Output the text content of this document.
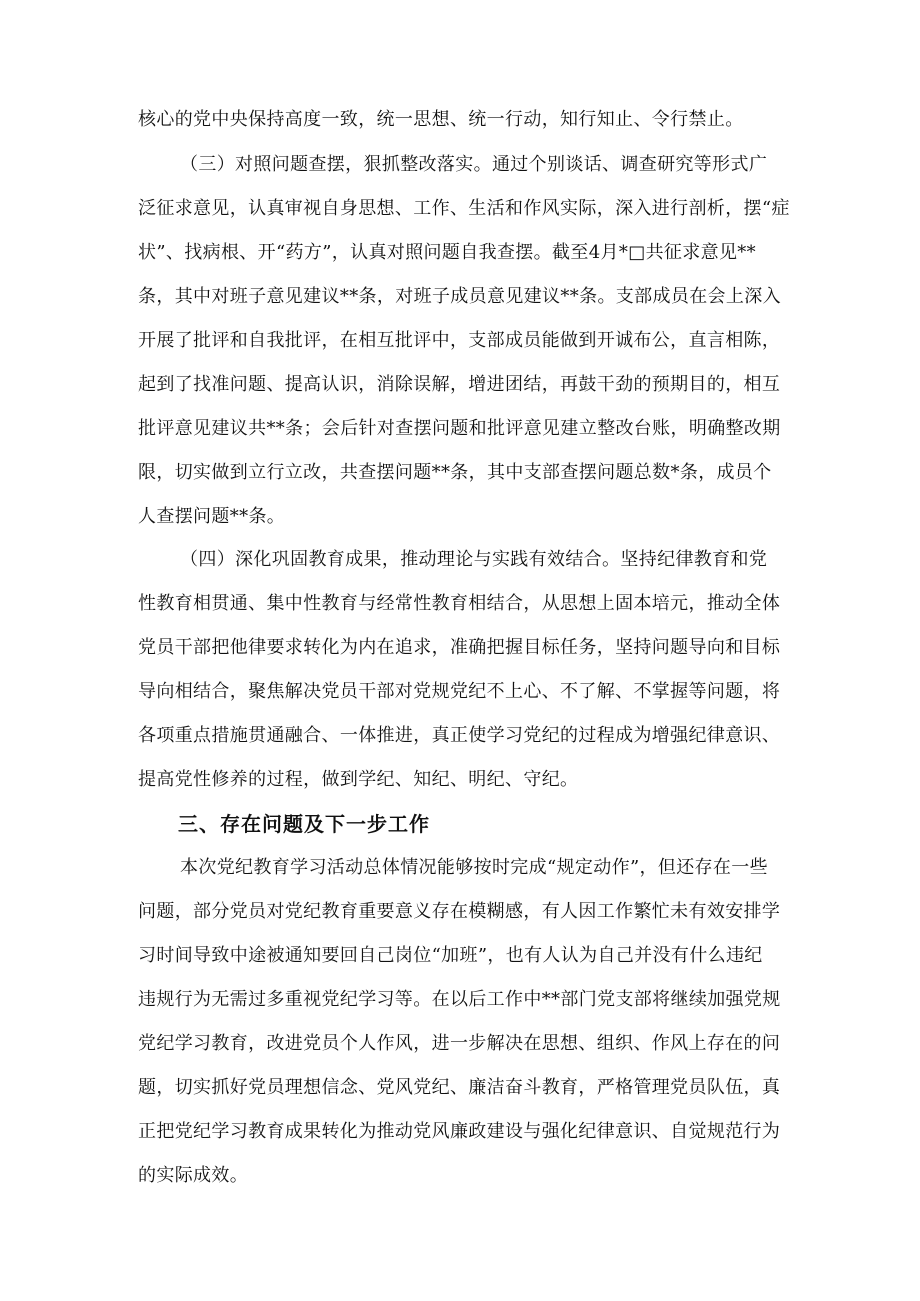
核心的党中央保持高度一致，统一思想、统一行动，知行知止、令行禁止。

（三）对照问题查摆，狠抓整改落实。通过个别谈话、调查研究等形式广

泛征求意见，认真审视自身思想、工作、生活和作风实际，深入进行剖析，摆“症

状”、找病根、开“药方”，认真对照问题自我查摆。截至4月*□共征求意见**

条，其中对班子意见建议**条，对班子成员意见建议**条。支部成员在会上深入

开展了批评和自我批评，在相互批评中，支部成员能做到开诚布公，直言相陈，

起到了找准问题、提高认识，消除误解，增进团结，再鼓干劲的预期目的，相互

批评意见建议共**条；会后针对查摆问题和批评意见建立整改台账，明确整改期

限，切实做到立行立改，共查摆问题**条，其中支部查摆问题总数*条，成员个

人查摆问题**条。

（四）深化巩固教育成果，推动理论与实践有效结合。坚持纪律教育和党

性教育相贯通、集中性教育与经常性教育相结合，从思想上固本培元，推动全体

党员干部把他律要求转化为内在追求，准确把握目标任务，坚持问题导向和目标

导向相结合，聚焦解决党员干部对党规党纪不上心、不了解、不掌握等问题，将

各项重点措施贯通融合、一体推进，真正使学习党纪的过程成为增强纪律意识、

提高党性修养的过程，做到学纪、知纪、明纪、守纪。

三、存在问题及下一步工作

本次党纪教育学习活动总体情况能够按时完成“规定动作”，但还存在一些

问题，部分党员对党纪教育重要意义存在模糊感，有人因工作繁忙未有效安排学

习时间导致中途被通知要回自己岗位“加班”，也有人认为自己并没有什么违纪

违规行为无需过多重视党纪学习等。在以后工作中**部门党支部将继续加强党规

党纪学习教育，改进党员个人作风，进一步解决在思想、组织、作风上存在的问

题，切实抓好党员理想信念、党风党纪、廉洁奋斗教育，严格管理党员队伍，真

正把党纪学习教育成果转化为推动党风廉政建设与强化纪律意识、自觉规范行为

的实际成效。
